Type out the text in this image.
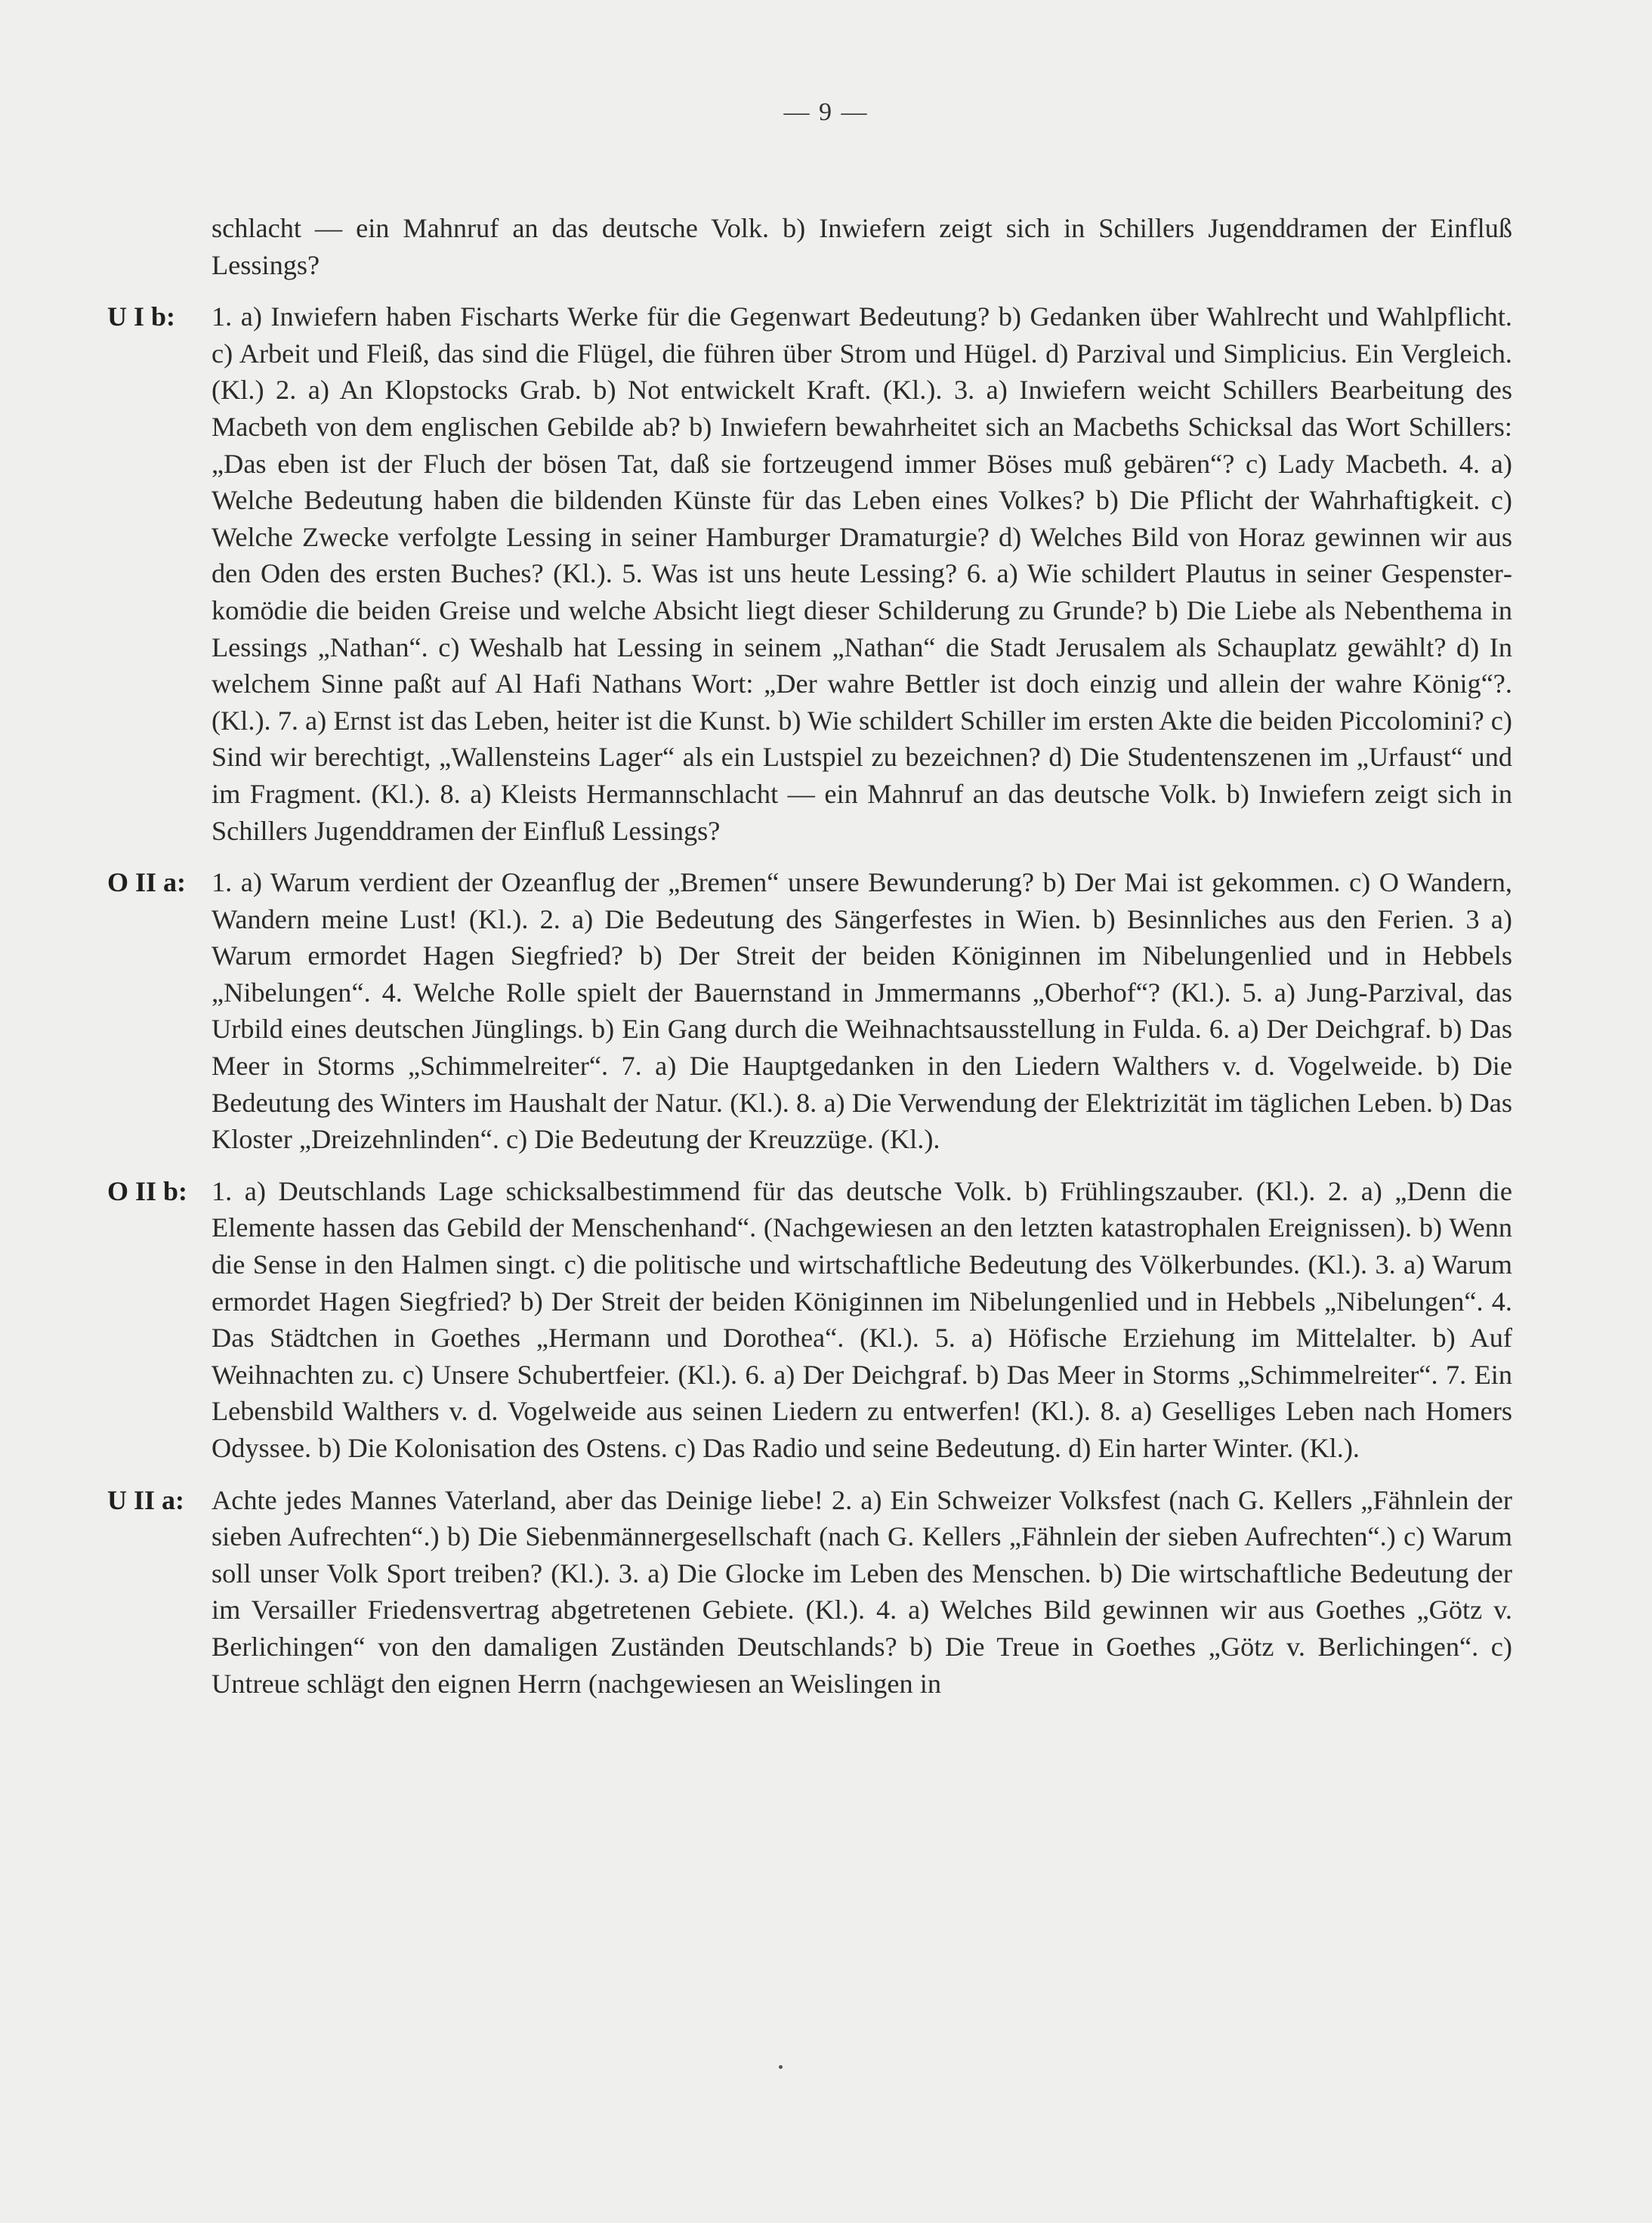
— 9 —
schlacht — ein Mahnruf an das deutsche Volk. b) Inwiefern zeigt sich in Schillers Jugenddramen der Einfluß Lessings?
U I b:	1. a) Inwiefern haben Fischarts Werke für die Gegenwart Bedeutung? b) Gedanken über Wahlrecht und Wahlpflicht. c) Arbeit und Fleiß, das sind die Flügel, die führen über Strom und Hügel. d) Parzival und Simplicius. Ein Vergleich. (Kl.) 2. a) An Klopstocks Grab. b) Not entwickelt Kraft. (Kl.). 3. a) Inwiefern weicht Schillers Bearbeitung des Macbeth von dem englischen Gebilde ab? b) Inwiefern bewahrheitet sich an Macbeths Schicksal das Wort Schillers: „Das eben ist der Fluch der bösen Tat, daß sie fortzeugend immer Böses muß gebären“? c) Lady Macbeth. 4. a) Welche Bedeutung haben die bildenden Künste für das Leben eines Volkes? b) Die Pflicht der Wahrhaftigkeit. c) Welche Zwecke verfolgte Lessing in seiner Hamburger Dramaturgie? d) Welches Bild von Horaz gewinnen wir aus den Oden des ersten Buches? (Kl.). 5. Was ist uns heute Lessing? 6. a) Wie schildert Plautus in seiner Gespensterkomödie die beiden Greise und welche Absicht liegt dieser Schilderung zu Grunde? b) Die Liebe als Nebenthema in Lessings „Nathan“. c) Weshalb hat Lessing in seinem „Nathan“ die Stadt Jerusalem als Schauplatz gewählt? d) In welchem Sinne paßt auf Al Hafi Nathans Wort: „Der wahre Bettler ist doch einzig und allein der wahre König“?. (Kl.). 7. a) Ernst ist das Leben, heiter ist die Kunst. b) Wie schildert Schiller im ersten Akte die beiden Piccolomini? c) Sind wir berechtigt, „Wallensteins Lager“ als ein Lustspiel zu bezeichnen? d) Die Studentenszenen im „Urfaust“ und im Fragment. (Kl.). 8. a) Kleists Hermannschlacht — ein Mahnruf an das deutsche Volk. b) Inwiefern zeigt sich in Schillers Jugenddramen der Einfluß Lessings?
O II a: 1. a) Warum verdient der Ozeanflug der „Bremen“ unsere Bewunderung? b) Der Mai ist gekommen. c) O Wandern, Wandern meine Lust! (Kl.). 2. a) Die Bedeutung des Sängerfestes in Wien. b) Besinnliches aus den Ferien. 3 a) Warum ermordet Hagen Siegfried? b) Der Streit der beiden Königinnen im Nibelungenlied und in Hebbels „Nibelungen“. 4. Welche Rolle spielt der Bauernstand in Jmmermanns „Oberhof“? (Kl.). 5. a) Jung-Parzival, das Urbild eines deutschen Jünglings. b) Ein Gang durch die Weihnachtsausstellung in Fulda. 6. a) Der Deichgraf. b) Das Meer in Storms „Schimmelreiter“. 7. a) Die Hauptgedanken in den Liedern Walthers v. d. Vogelweide. b) Die Bedeutung des Winters im Haushalt der Natur. (Kl.). 8. a) Die Verwendung der Elektrizität im täglichen Leben. b) Das Kloster „Dreizehnlinden“. c) Die Bedeutung der Kreuzzüge. (Kl.).
O II b: 1. a) Deutschlands Lage schicksalbestimmend für das deutsche Volk. b) Frühlingszauber. (Kl.). 2. a) „Denn die Elemente hassen das Gebild der Menschenhand“. (Nachgewiesen an den letzten katastrophalen Ereignissen). b) Wenn die Sense in den Halmen singt. c) die politische und wirtschaftliche Bedeutung des Völkerbundes. (Kl.). 3. a) Warum ermordet Hagen Siegfried? b) Der Streit der beiden Königinnen im Nibelungenlied und in Hebbels „Nibelungen“. 4. Das Städtchen in Goethes „Hermann und Dorothea“. (Kl.). 5. a) Höfische Erziehung im Mittelalter. b) Auf Weihnachten zu. c) Unsere Schubertfeier. (Kl.). 6. a) Der Deichgraf. b) Das Meer in Storms „Schimmelreiter“. 7. Ein Lebensbild Walthers v. d. Vogelweide aus seinen Liedern zu entwerfen! (Kl.). 8. a) Geselliges Leben nach Homers Odyssee. b) Die Kolonisation des Ostens. c) Das Radio und seine Bedeutung. d) Ein harter Winter. (Kl.).
U II a: Achte jedes Mannes Vaterland, aber das Deinige liebe! 2. a) Ein Schweizer Volksfest (nach G. Kellers „Fähnlein der sieben Aufrechten“.) b) Die Siebenmännergesellschaft (nach G. Kellers „Fähnlein der sieben Aufrechten“.) c) Warum soll unser Volk Sport treiben? (Kl.). 3. a) Die Glocke im Leben des Menschen. b) Die wirtschaftliche Bedeutung der im Versailler Friedensvertrag abgetretenen Gebiete. (Kl.). 4. a) Welches Bild gewinnen wir aus Goethes „Götz v. Berlichingen“ von den damaligen Zuständen Deutschlands? b) Die Treue in Goethes „Götz v. Berlichingen“. c) Untreue schlägt den eignen Herrn (nachgewiesen an Weislingen in
